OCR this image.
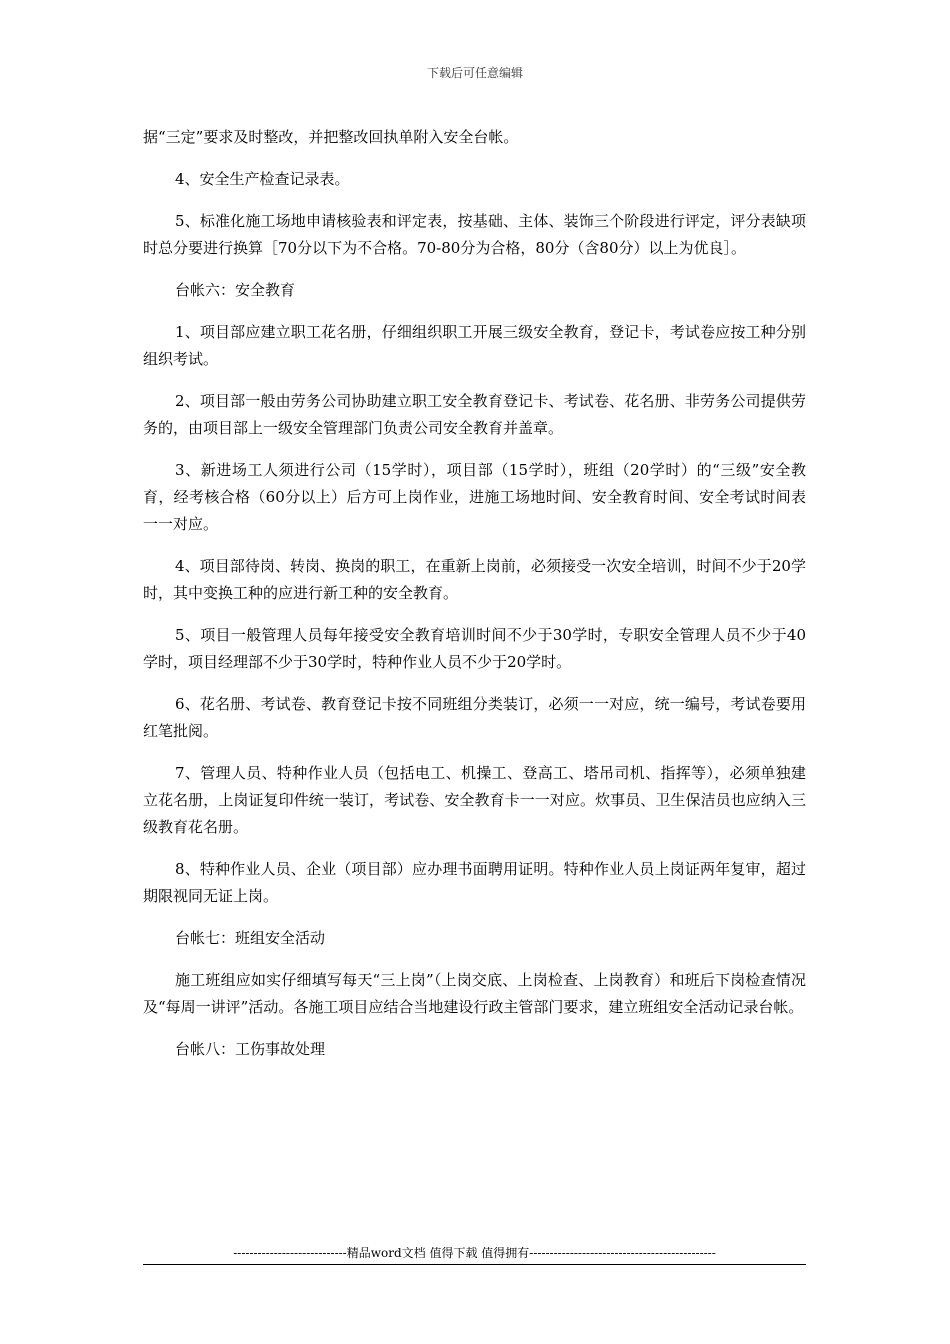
下载后可任意编辑

据“三定”要求及时整改，并把整改回执单附入安全台帐。

4、安全生产检查记录表。

5、标准化施工场地申请核验表和评定表，按基础、主体、装饰三个阶段进行评定，评分表缺项时总分要进行换算［70分以下为不合格。70-80分为合格，80分（含80分）以上为优良］。

台帐六：安全教育

1、项目部应建立职工花名册，仔细组织职工开展三级安全教育，登记卡，考试卷应按工种分别组织考试。

2、项目部一般由劳务公司协助建立职工安全教育登记卡、考试卷、花名册、非劳务公司提供劳务的，由项目部上一级安全管理部门负责公司安全教育并盖章。

3、新进场工人须进行公司（15学时），项目部（15学时），班组（20学时）的“三级”安全教育，经考核合格（60分以上）后方可上岗作业，进施工场地时间、安全教育时间、安全考试时间表一一对应。

4、项目部待岗、转岗、换岗的职工，在重新上岗前，必须接受一次安全培训，时间不少于20学时，其中变换工种的应进行新工种的安全教育。

5、项目一般管理人员每年接受安全教育培训时间不少于30学时，专职安全管理人员不少于40学时，项目经理部不少于30学时，特种作业人员不少于20学时。

6、花名册、考试卷、教育登记卡按不同班组分类装订，必须一一对应，统一编号，考试卷要用红笔批阅。

7、管理人员、特种作业人员（包括电工、机操工、登高工、塔吊司机、指挥等），必须单独建立花名册，上岗证复印件统一装订，考试卷、安全教育卡一一对应。炊事员、卫生保洁员也应纳入三级教育花名册。

8、特种作业人员、企业（项目部）应办理书面聘用证明。特种作业人员上岗证两年复审，超过期限视同无证上岗。

台帐七：班组安全活动

施工班组应如实仔细填写每天“三上岗”（上岗交底、上岗检查、上岗教育）和班后下岗检查情况及“每周一讲评”活动。各施工项目应结合当地建设行政主管部门要求，建立班组安全活动记录台帐。

台帐八：工伤事故处理

----------------------------精品word文档 值得下载 值得拥有----------------------------------------------
